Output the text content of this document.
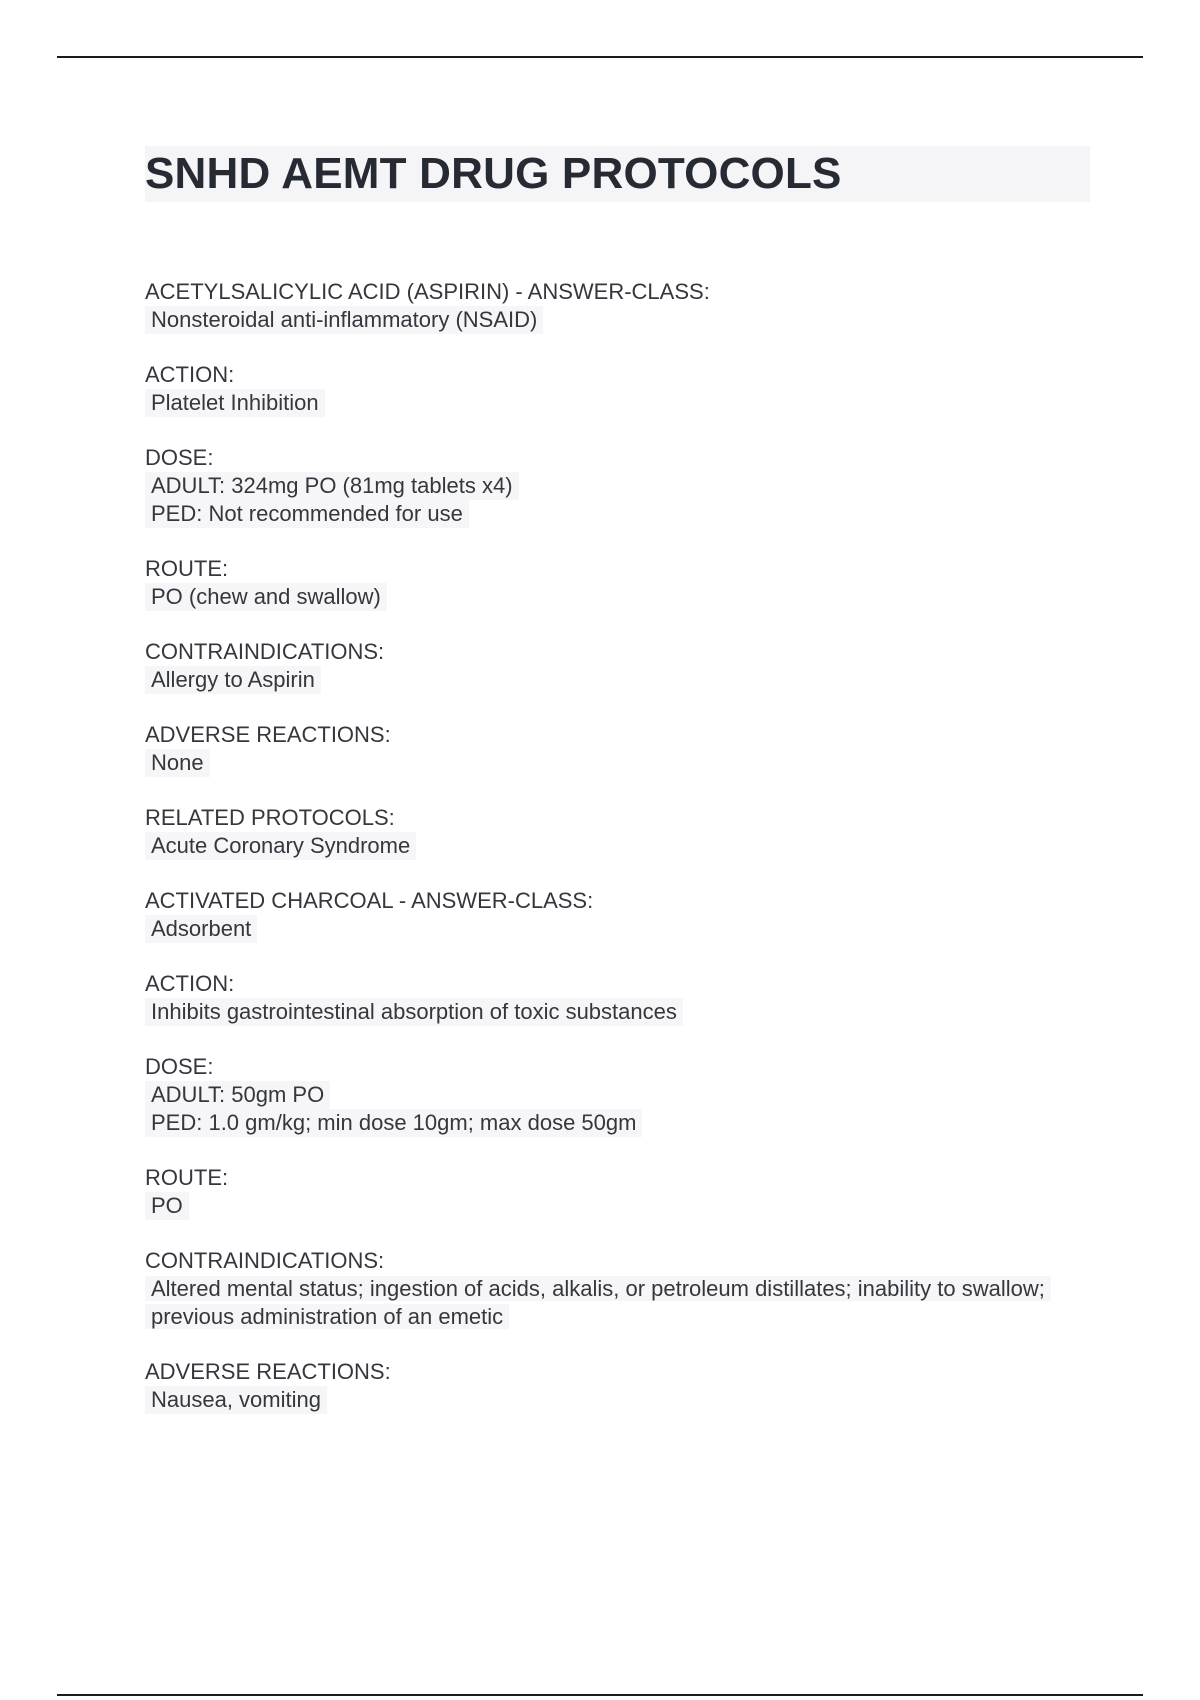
SNHD AEMT DRUG PROTOCOLS
ACETYLSALICYLIC ACID (ASPIRIN) - ANSWER-CLASS:
Nonsteroidal anti-inflammatory (NSAID)
ACTION:
Platelet Inhibition
DOSE:
ADULT: 324mg PO (81mg tablets x4)
PED: Not recommended for use
ROUTE:
PO (chew and swallow)
CONTRAINDICATIONS:
Allergy to Aspirin
ADVERSE REACTIONS:
None
RELATED PROTOCOLS:
Acute Coronary Syndrome
ACTIVATED CHARCOAL - ANSWER-CLASS:
Adsorbent
ACTION:
Inhibits gastrointestinal absorption of toxic substances
DOSE:
ADULT: 50gm PO
PED: 1.0 gm/kg; min dose 10gm; max dose 50gm
ROUTE:
PO
CONTRAINDICATIONS:
Altered mental status; ingestion of acids, alkalis, or petroleum distillates; inability to swallow; previous administration of an emetic
ADVERSE REACTIONS:
Nausea, vomiting
